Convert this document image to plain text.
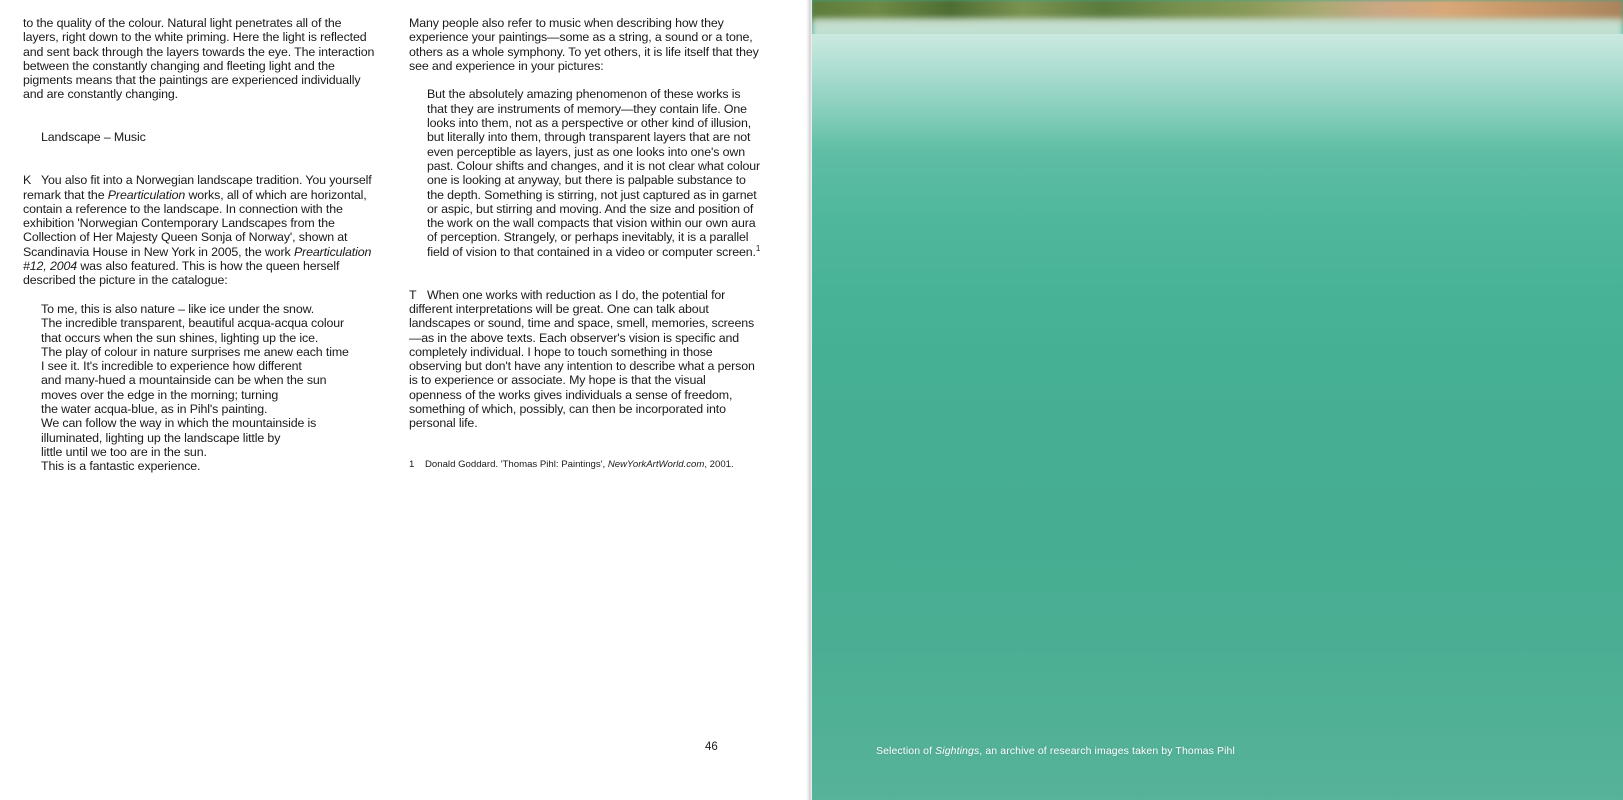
to the quality of the colour. Natural light penetrates all of the layers, right down to the white priming. Here the light is reflected and sent back through the layers towards the eye. The interaction between the constantly changing and fleeting light and the pigments means that the paintings are experienced individually and are constantly changing.

Landscape – Music

K You also fit into a Norwegian landscape tradition. You yourself remark that the Prearticulation works, all of which are horizontal, contain a reference to the landscape. In connection with the exhibition 'Norwegian Contemporary Landscapes from the Collection of Her Majesty Queen Sonja of Norway', shown at Scandinavia House in New York in 2005, the work Prearticulation #12, 2004 was also featured. This is how the queen herself described the picture in the catalogue:

To me, this is also nature – like ice under the snow.

The incredible transparent, beautiful acqua-acqua colour

that occurs when the sun shines, lighting up the ice.

The play of colour in nature surprises me anew each time

I see it. It's incredible to experience how different

and many-hued a mountainside can be when the sun

moves over the edge in the morning; turning

the water acqua-blue, as in Pihl's painting.

We can follow the way in which the mountainside is

illuminated, lighting up the landscape little by

little until we too are in the sun.

This is a fantastic experience.

Many people also refer to music when describing how they experience your paintings—some as a string, a sound or a tone, others as a whole symphony. To yet others, it is life itself that they see and experience in your pictures:

But the absolutely amazing phenomenon of these works is that they are instruments of memory—they contain life. One looks into them, not as a perspective or other kind of illusion, but literally into them, through transparent layers that are not even perceptible as layers, just as one looks into one's own past. Colour shifts and changes, and it is not clear what colour one is looking at anyway, but there is palpable substance to the depth. Something is stirring, not just captured as in garnet or aspic, but stirring and moving. And the size and position of the work on the wall compacts that vision within our own aura of perception. Strangely, or perhaps inevitably, it is a parallel field of vision to that contained in a video or computer screen.$^1$

T When one works with reduction as I do, the potential for different interpretations will be great. One can talk about landscapes or sound, time and space, smell, memories, screens—as in the above texts. Each observer's vision is specific and completely individual. I hope to touch something in those observing but don't have any intention to describe what a person is to experience or associate. My hope is that the visual openness of the works gives individuals a sense of freedom, something of which, possibly, can then be incorporated into personal life.

1	Donald Goddard. 'Thomas Pihl: Paintings', NewYorkArtWorld.com, 2001.
46	Selection of Sightings, an archive of research images taken by Thomas Pihl
